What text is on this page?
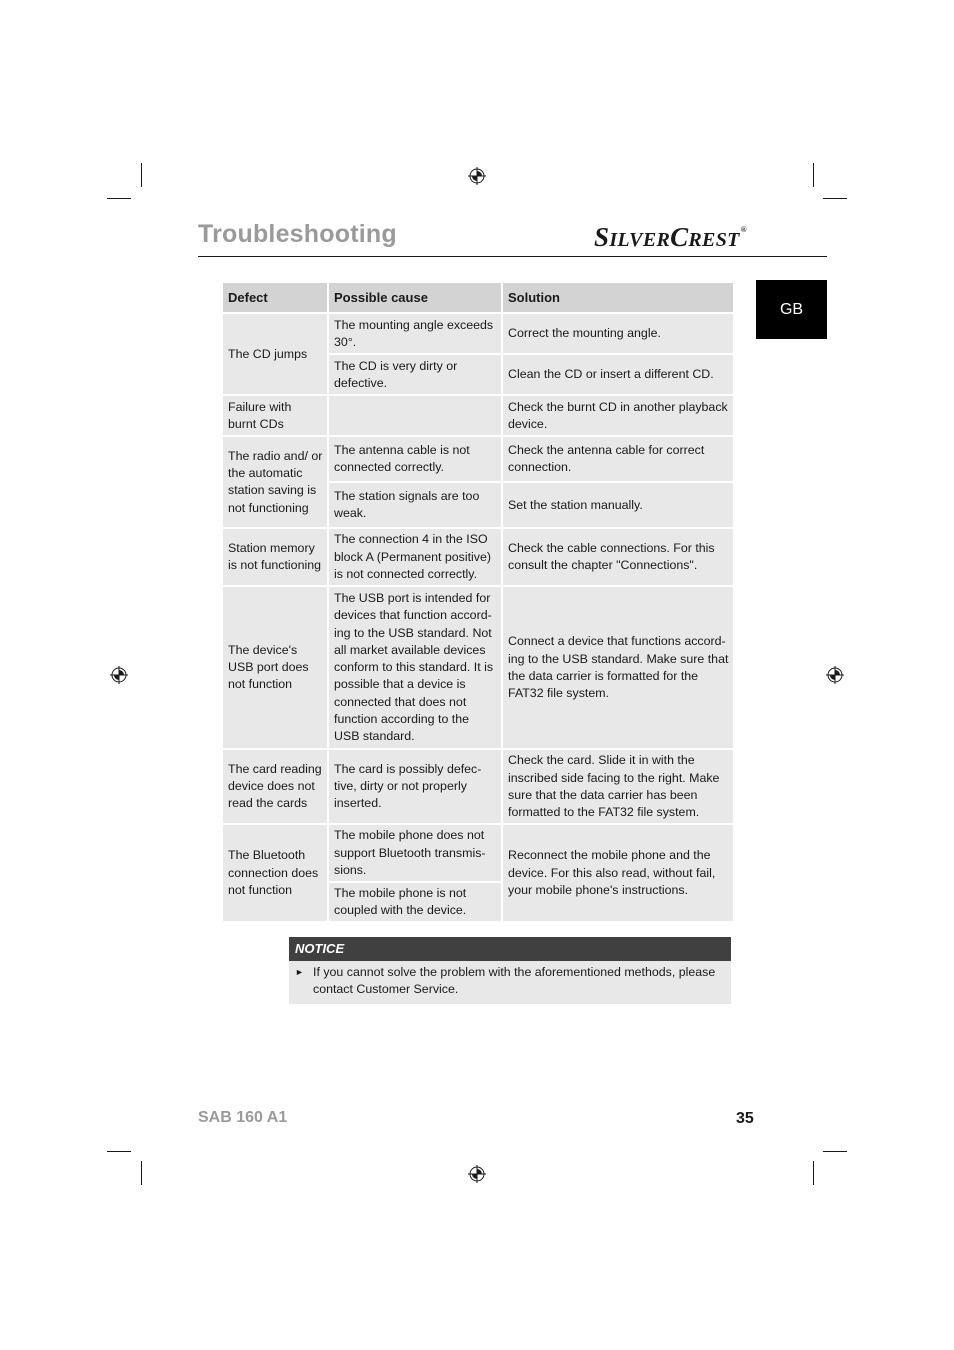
Troubleshooting	SILVERCREST®
GB
Defect	Possible cause	Solution
The CD jumps	The mounting angle exceeds 30°.	Correct the mounting angle.
	The CD is very dirty or defective.	Clean the CD or insert a different CD.
Failure with burnt CDs		Check the burnt CD in another playback device.
The radio and/ or the automatic station saving is not functioning	The antenna cable is not connected correctly.	Check the antenna cable for correct connection.
	The station signals are too weak.	Set the station manually.
Station memory is not functioning	The connection 4 in the ISO block A (Permanent positive) is not connected correctly.	Check the cable connections. For this consult the chapter "Connections".
The device's USB port does not function	The USB port is intended for devices that function according to the USB standard. Not all market available devices conform to this standard. It is possible that a device is connected that does not function according to the USB standard.	Connect a device that functions according to the USB standard. Make sure that the data carrier is formatted for the FAT32 file system.
The card reading device does not read the cards	The card is possibly defective, dirty or not properly inserted.	Check the card. Slide it in with the inscribed side facing to the right. Make sure that the data carrier has been formatted to the FAT32 file system.
The Bluetooth connection does not function	The mobile phone does not support Bluetooth transmissions.	Reconnect the mobile phone and the device. For this also read, without fail, your mobile phone's instructions.
	The mobile phone is not coupled with the device.	
NOTICE
► If you cannot solve the problem with the aforementioned methods, please contact Customer Service.
SAB 160 A1	35
